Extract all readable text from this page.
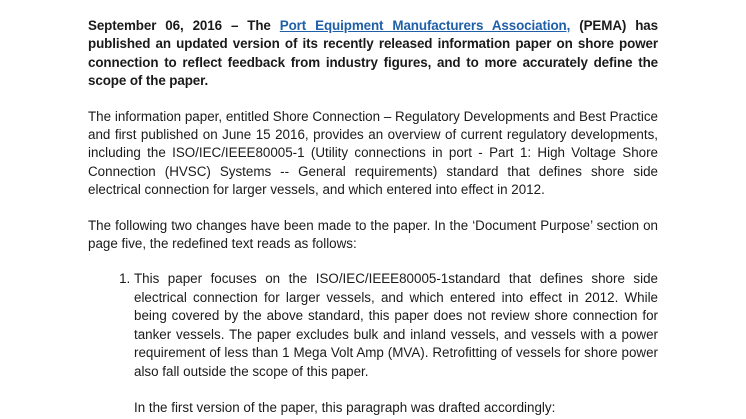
September 06, 2016 – The Port Equipment Manufacturers Association, (PEMA) has published an updated version of its recently released information paper on shore power connection to reflect feedback from industry figures, and to more accurately define the scope of the paper.

The information paper, entitled Shore Connection – Regulatory Developments and Best Practice and first published on June 15 2016, provides an overview of current regulatory developments, including the ISO/IEC/IEEE80005-1 (Utility connections in port - Part 1: High Voltage Shore Connection (HVSC) Systems -- General requirements) standard that defines shore side electrical connection for larger vessels, and which entered into effect in 2012.

The following two changes have been made to the paper. In the ‘Document Purpose’ section on page five, the redefined text reads as follows:

1. This paper focuses on the ISO/IEC/IEEE80005-1standard that defines shore side electrical connection for larger vessels, and which entered into effect in 2012. While being covered by the above standard, this paper does not review shore connection for tanker vessels. The paper excludes bulk and inland vessels, and vessels with a power requirement of less than 1 Mega Volt Amp (MVA). Retrofitting of vessels for shore power also fall outside the scope of this paper.

In the first version of the paper, this paragraph was drafted accordingly:
